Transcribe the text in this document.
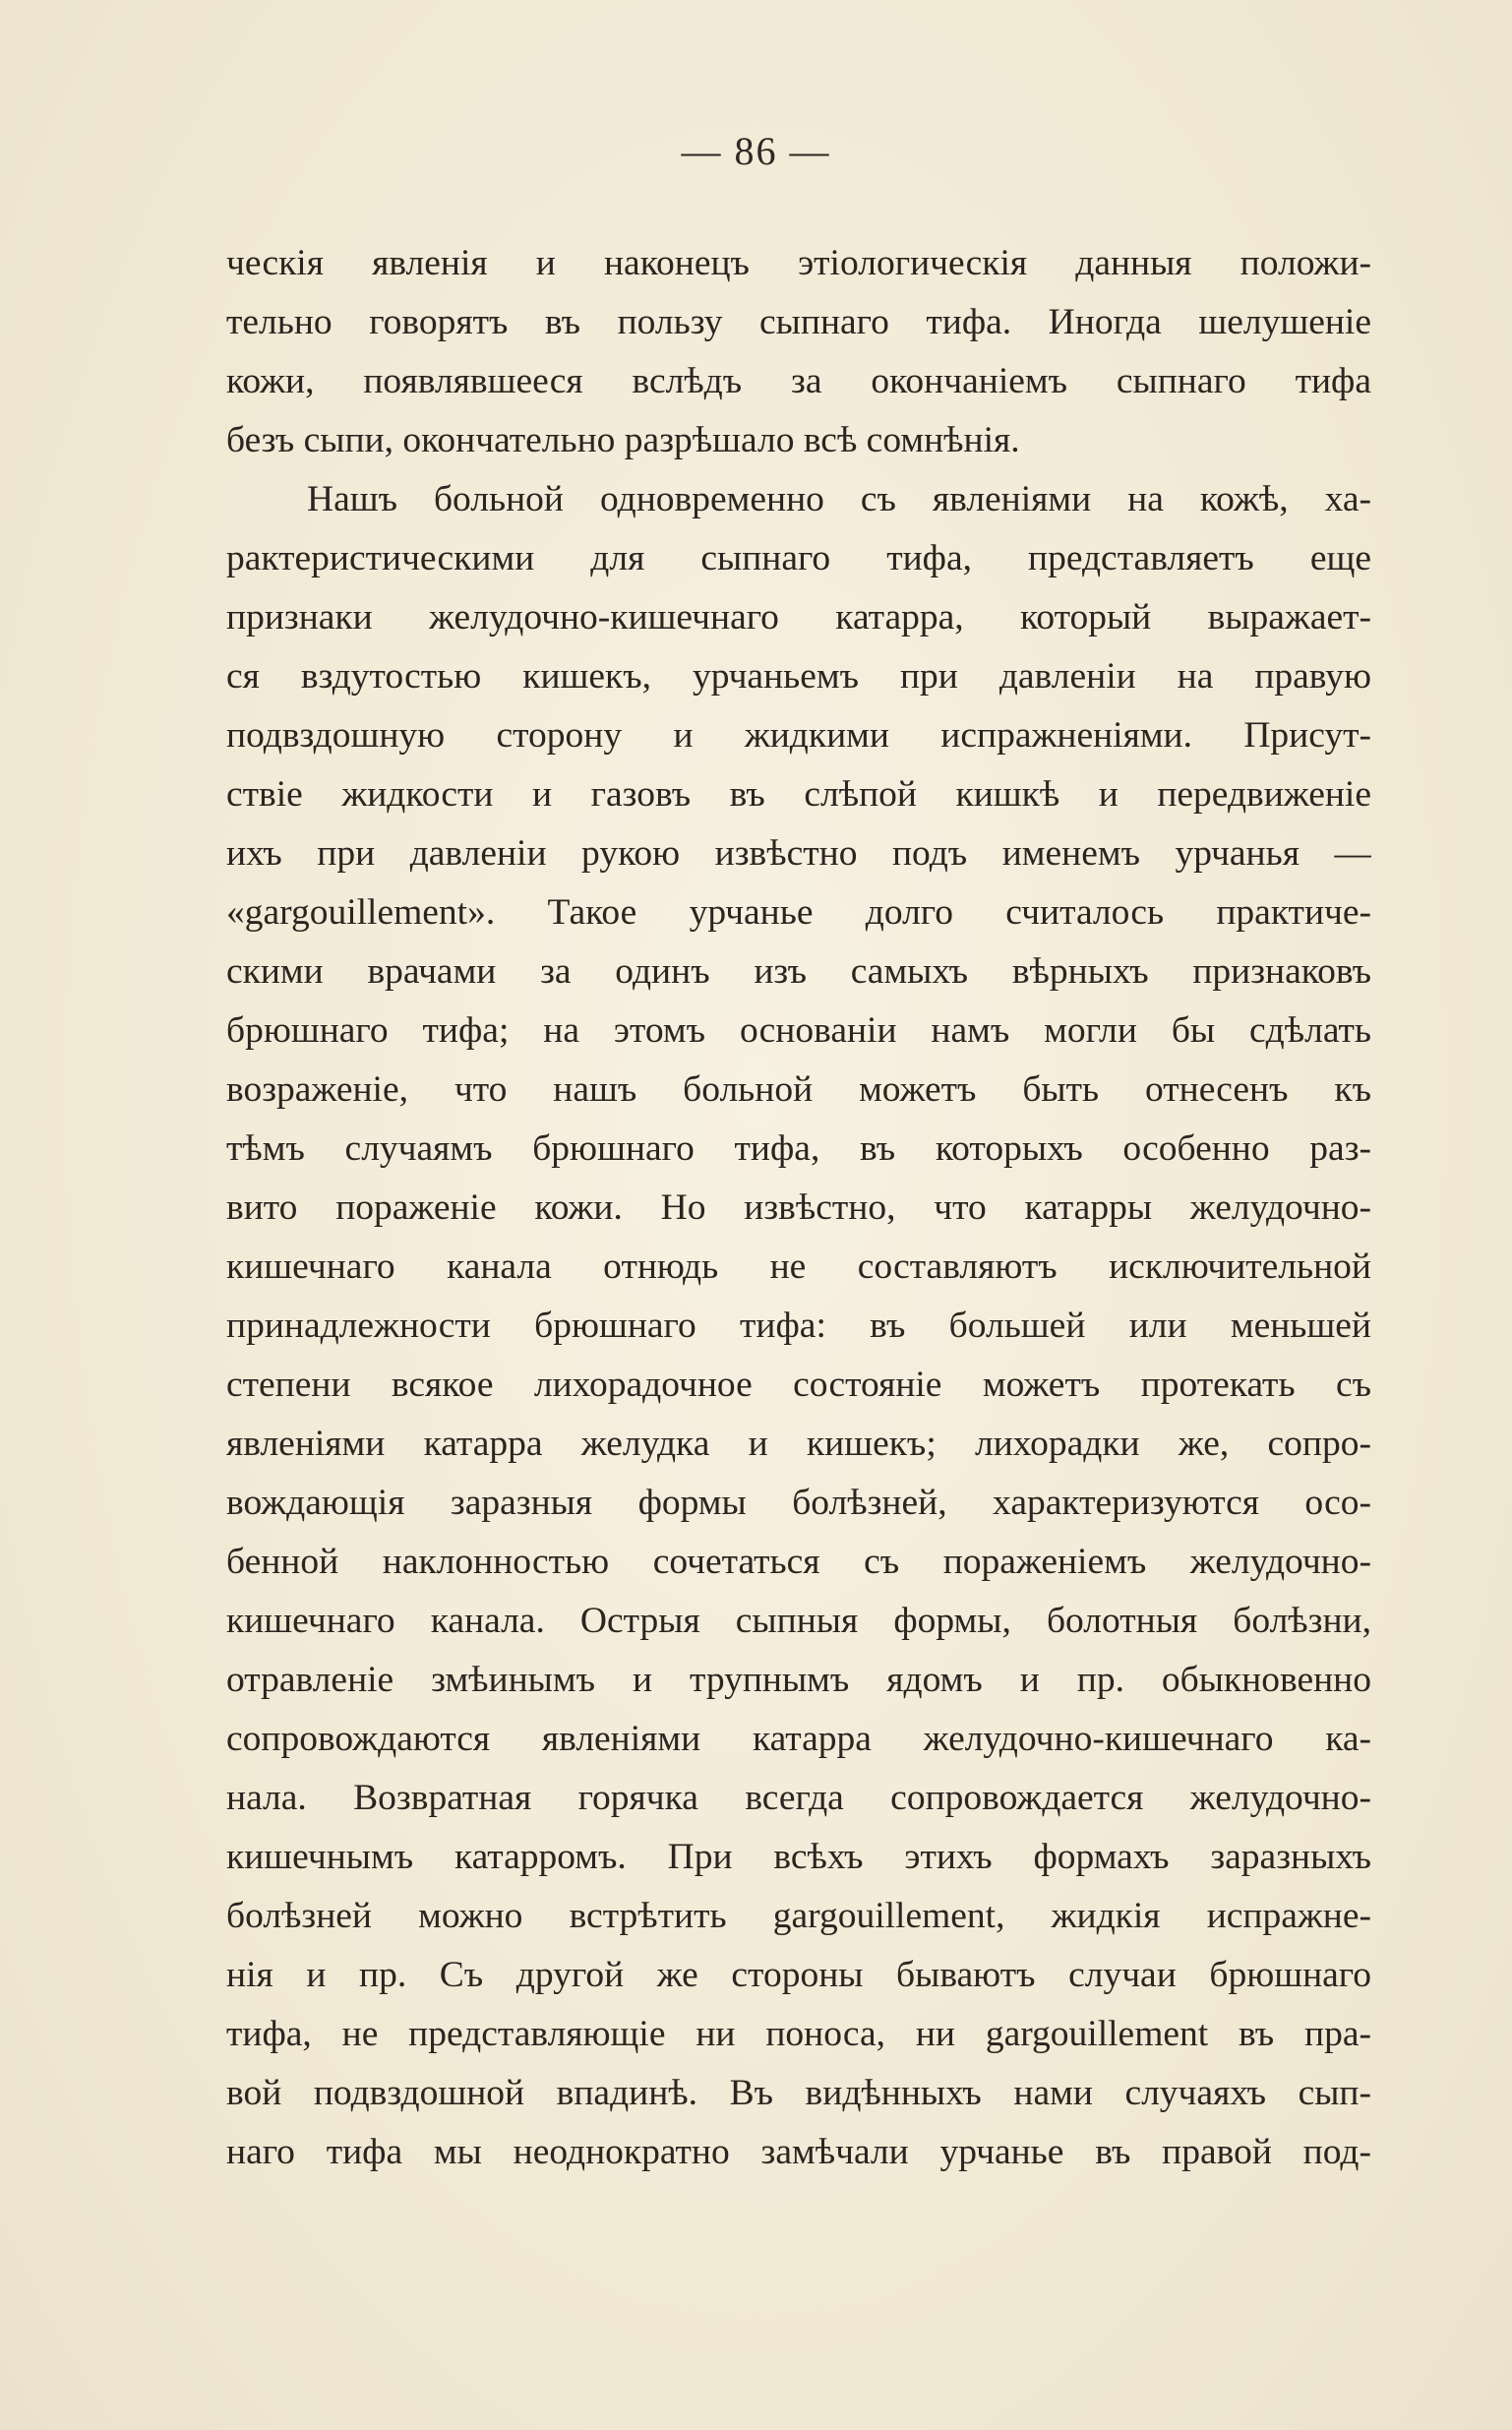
— 86 —
ческія явленія и наконецъ этіологическія данныя положи-
тельно говорятъ въ пользу сыпнаго тифа. Иногда шелушеніе
кожи, появлявшееся вслѣдъ за окончаніемъ сыпнаго тифа
безъ сыпи, окончательно разрѣшало всѣ сомнѣнія.
Нашъ больной одновременно съ явленіями на кожѣ, ха-
рактеристическими для сыпнаго тифа, представляетъ еще
признаки желудочно-кишечнаго катарра, который выражает-
ся вздутостью кишекъ, урчаньемъ при давленіи на правую
подвздошную сторону и жидкими испражненіями. Присут-
ствіе жидкости и газовъ въ слѣпой кишкѣ и передвиженіе
ихъ при давленіи рукою извѣстно подъ именемъ урчанья —
«gargouillement». Такое урчанье долго считалось практиче-
скими врачами за одинъ изъ самыхъ вѣрныхъ признаковъ
брюшнаго тифа; на этомъ основаніи намъ могли бы сдѣлать
возраженіе, что нашъ больной можетъ быть отнесенъ къ
тѣмъ случаямъ брюшнаго тифа, въ которыхъ особенно раз-
вито пораженіе кожи. Но извѣстно, что катарры желудочно-
кишечнаго канала отнюдь не составляютъ исключительной
принадлежности брюшнаго тифа: въ большей или меньшей
степени всякое лихорадочное состояніе можетъ протекать съ
явленіями катарра желудка и кишекъ; лихорадки же, сопро-
вождающія заразныя формы болѣзней, характеризуются осо-
бенной наклонностью сочетаться съ пораженіемъ желудочно-
кишечнаго канала. Острыя сыпныя формы, болотныя болѣзни,
отравленіе змѣинымъ и трупнымъ ядомъ и пр. обыкновенно
сопровождаются явленіями катарра желудочно-кишечнаго ка-
нала. Возвратная горячка всегда сопровождается желудочно-
кишечнымъ катарромъ. При всѣхъ этихъ формахъ заразныхъ
болѣзней можно встрѣтить gargouillement, жидкія испражне-
нія и пр. Съ другой же стороны бываютъ случаи брюшнаго
тифа, не представляющіе ни поноса, ни gargouillement въ пра-
вой подвздошной впадинѣ. Въ видѣнныхъ нами случаяхъ сып-
наго тифа мы неоднократно замѣчали урчанье въ правой под-
